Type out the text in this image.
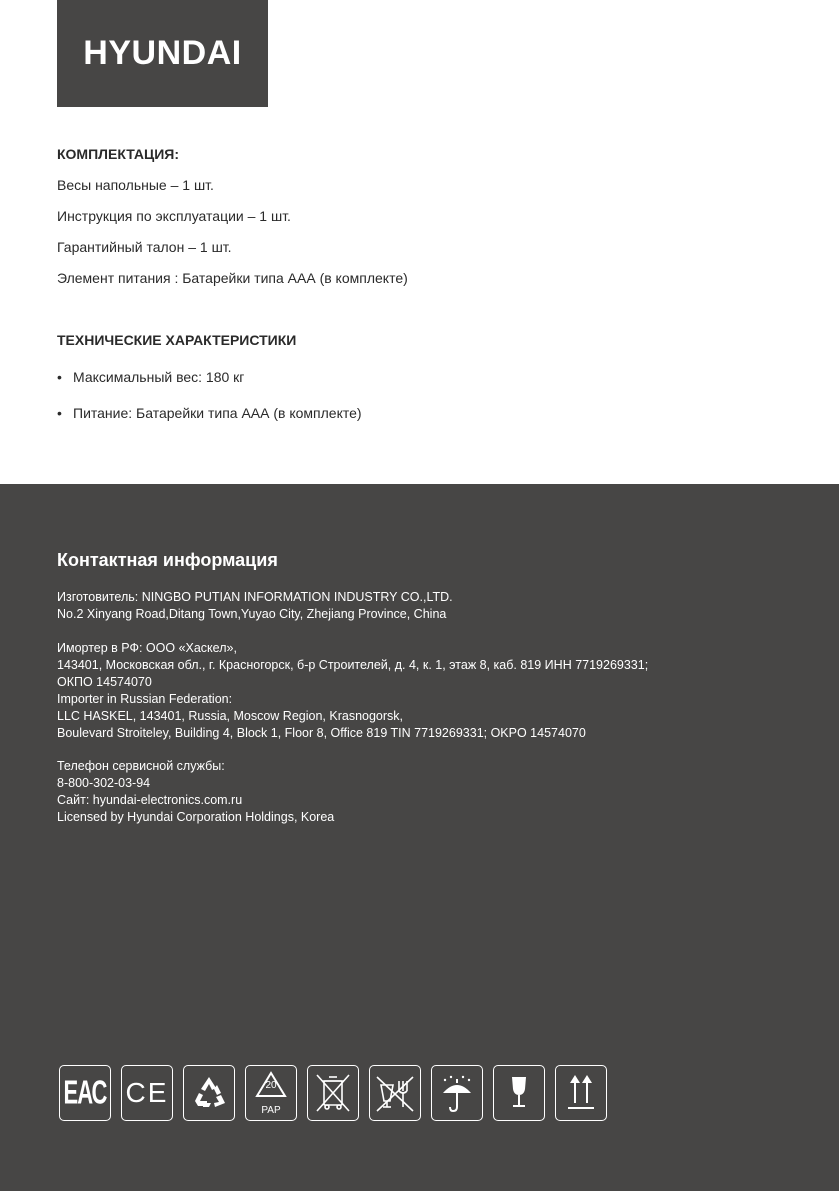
HYUNDAI

КОМПЛЕКТАЦИЯ:

Весы напольные – 1 шт.
Инструкция по эксплуатации – 1 шт.
Гарантийный талон – 1 шт.
Элемент питания : Батарейки типа ААА (в комплекте)

ТЕХНИЧЕСКИЕ ХАРАКТЕРИСТИКИ

• Максимальный вес: 180 кг
• Питание: Батарейки типа ААА (в комплекте)
Контактная информация
Изготовитель: NINGBO PUTIAN INFORMATION INDUSTRY CO.,LTD.
No.2 Xinyang Road,Ditang Town,Yuyao City, Zhejiang Province, China
Имортер в РФ: ООО «Хаскел»,
143401, Московская обл., г. Красногорск, б-р Строителей, д. 4, к. 1, этаж 8, каб. 819 ИНН 7719269331;
ОКПО 14574070
Importer in Russian Federation:
LLC HASKEL, 143401, Russia, Moscow Region, Krasnogorsk,
Boulevard Stroiteley, Building 4, Block 1, Floor 8, Office 819 TIN 7719269331; OKPO 14574070
Телефон сервисной службы:
8-800-302-03-94
Сайт: hyundai-electronics.com.ru
Licensed by Hyundai Corporation Holdings, Korea
ЕАС CE	20
PAP
